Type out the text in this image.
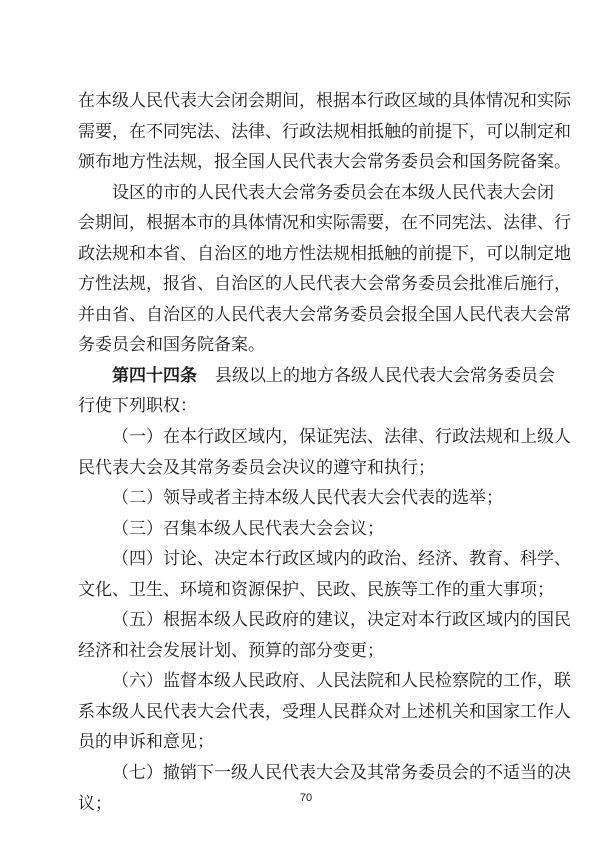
在本级人民代表大会闭会期间，根据本行政区域的具体情况和实际
需要，在不同宪法、法律、行政法规相抵触的前提下，可以制定和
颁布地方性法规，报全国人民代表大会常务委员会和国务院备案。
设区的市的人民代表大会常务委员会在本级人民代表大会闭
会期间，根据本市的具体情况和实际需要，在不同宪法、法律、行
政法规和本省、自治区的地方性法规相抵触的前提下，可以制定地
方性法规，报省、自治区的人民代表大会常务委员会批准后施行，
并由省、自治区的人民代表大会常务委员会报全国人民代表大会常
务委员会和国务院备案。
第四十四条 县级以上的地方各级人民代表大会常务委员会
行使下列职权：
（一）在本行政区域内，保证宪法、法律、行政法规和上级人
民代表大会及其常务委员会决议的遵守和执行；
（二）领导或者主持本级人民代表大会代表的选举；
（三）召集本级人民代表大会会议；
（四）讨论、决定本行政区域内的政治、经济、教育、科学、
文化、卫生、环境和资源保护、民政、民族等工作的重大事项；
（五）根据本级人民政府的建议，决定对本行政区域内的国民
经济和社会发展计划、预算的部分变更；
（六）监督本级人民政府、人民法院和人民检察院的工作，联
系本级人民代表大会代表，受理人民群众对上述机关和国家工作人
员的申诉和意见；
（七）撤销下一级人民代表大会及其常务委员会的不适当的决
议；	70
